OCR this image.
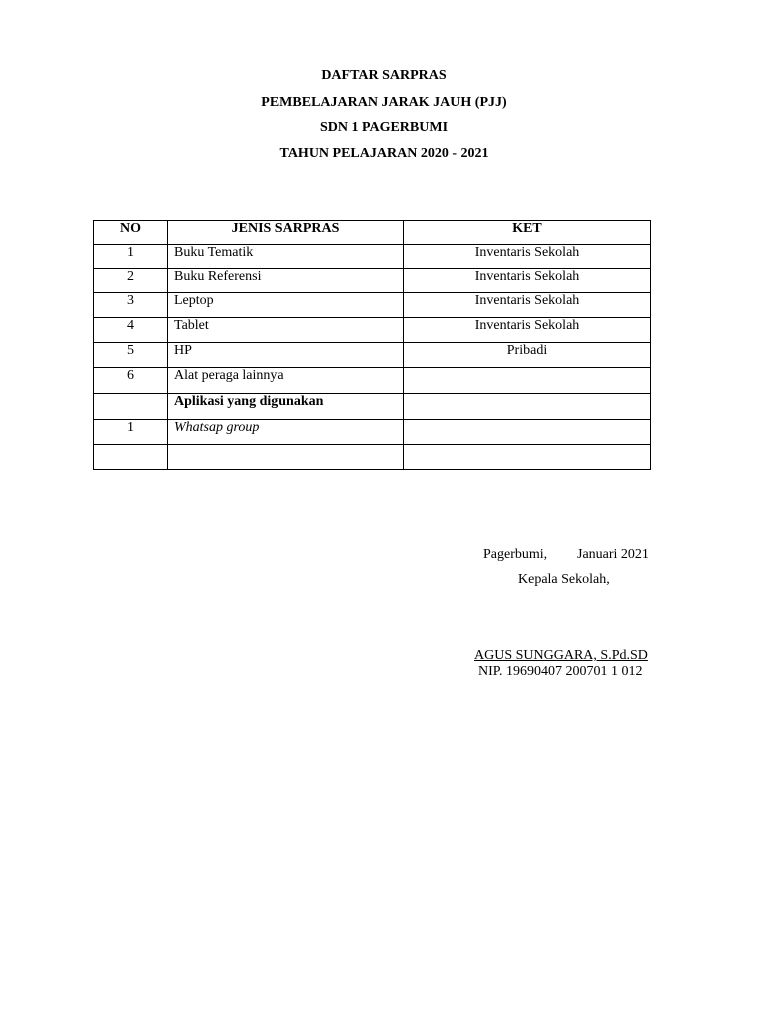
DAFTAR SARPRAS
PEMBELAJARAN JARAK JAUH (PJJ)
SDN 1 PAGERBUMI
TAHUN PELAJARAN 2020 - 2021
NO	JENIS SARPRAS	KET
1	Buku Tematik	Inventaris Sekolah
2	Buku Referensi	Inventaris Sekolah
3	Leptop	Inventaris Sekolah
4	Tablet	Inventaris Sekolah
5	HP	Pribadi
6	Alat peraga lainnya	
	Aplikasi yang digunakan	
1	Whatsap group	

Pagerbumi, Januari 2021
Kepala Sekolah,
AGUS SUNGGARA, S.Pd.SD
NIP. 19690407 200701 1 012
